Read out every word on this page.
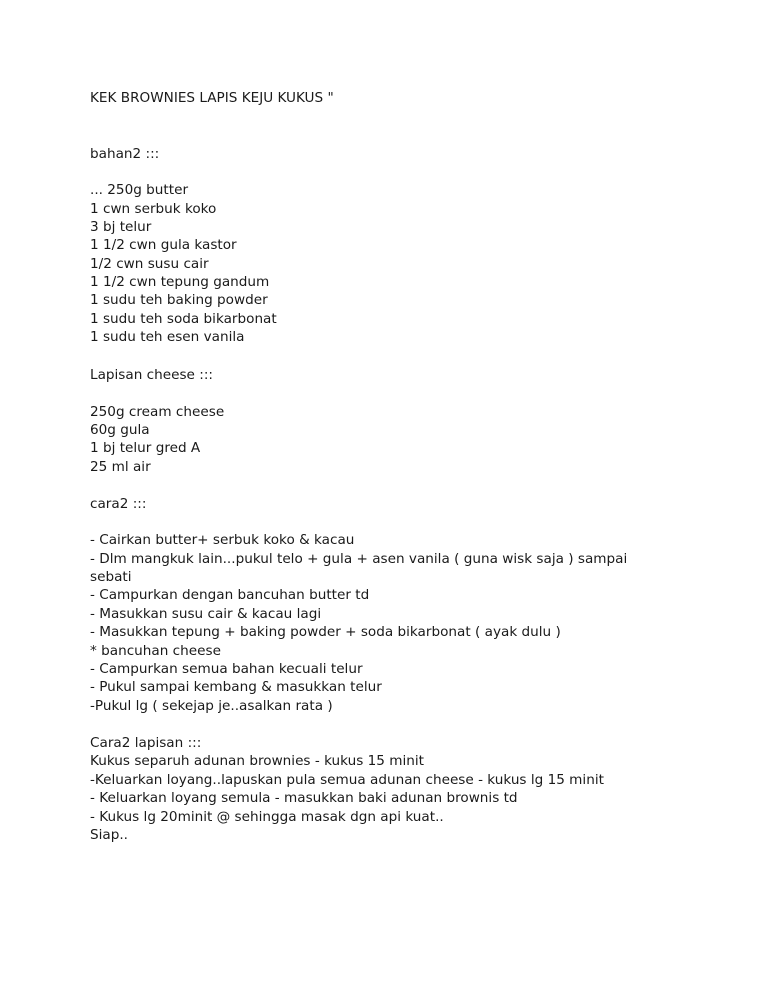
KEK BROWNIES LAPIS KEJU KUKUS "
bahan2 :::
... 250g butter
1 cwn serbuk koko
3 bj telur
1 1/2 cwn gula kastor
1/2 cwn susu cair
1 1/2 cwn tepung gandum
1 sudu teh baking powder
1 sudu teh soda bikarbonat
1 sudu teh esen vanila
Lapisan cheese :::
250g cream cheese
60g gula
1 bj telur gred A
25 ml air
cara2 :::
- Cairkan butter+ serbuk koko & kacau
- Dlm mangkuk lain...pukul telo + gula + asen vanila ( guna wisk saja ) sampai
sebati
- Campurkan dengan bancuhan butter td
- Masukkan susu cair & kacau lagi
- Masukkan tepung + baking powder + soda bikarbonat ( ayak dulu )
* bancuhan cheese
- Campurkan semua bahan kecuali telur
- Pukul sampai kembang & masukkan telur
-Pukul lg ( sekejap je..asalkan rata )
Cara2 lapisan :::
Kukus separuh adunan brownies - kukus 15 minit
-Keluarkan loyang..lapuskan pula semua adunan cheese - kukus lg 15 minit
- Keluarkan loyang semula - masukkan baki adunan brownis td
- Kukus lg 20minit @ sehingga masak dgn api kuat..
Siap..
